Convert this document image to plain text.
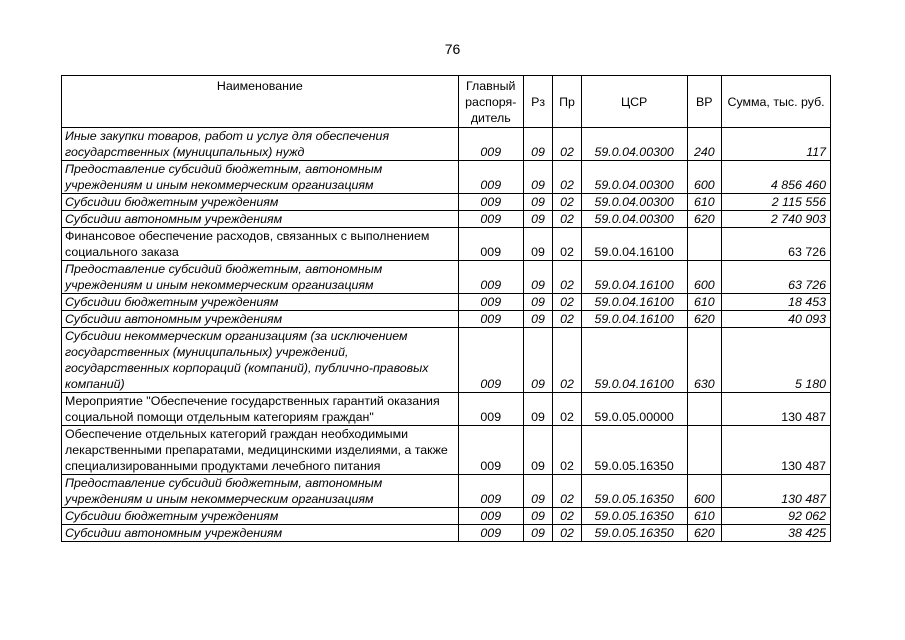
76
Наименование	Главный распоря-дитель	Рз	Пр	ЦСР	ВР	Сумма, тыс. руб.
Иные закупки товаров, работ и услуг для обеспечения государственных (муниципальных) нужд	009	09	02	59.0.04.00300	240	117
Предоставление субсидий бюджетным, автономным учреждениям и иным некоммерческим организациям	009	09	02	59.0.04.00300	600	4 856 460
Субсидии бюджетным учреждениям	009	09	02	59.0.04.00300	610	2 115 556
Субсидии автономным учреждениям	009	09	02	59.0.04.00300	620	2 740 903
Финансовое обеспечение расходов, связанных с выполнением социального заказа	009	09	02	59.0.04.16100		63 726
Предоставление субсидий бюджетным, автономным учреждениям и иным некоммерческим организациям	009	09	02	59.0.04.16100	600	63 726
Субсидии бюджетным учреждениям	009	09	02	59.0.04.16100	610	18 453
Субсидии автономным учреждениям	009	09	02	59.0.04.16100	620	40 093
Субсидии некоммерческим организациям (за исключением государственных (муниципальных) учреждений, государственных корпораций (компаний), публично-правовых компаний)	009	09	02	59.0.04.16100	630	5 180
Мероприятие "Обеспечение государственных гарантий оказания социальной помощи отдельным категориям граждан"	009	09	02	59.0.05.00000		130 487
Обеспечение отдельных категорий граждан необходимыми лекарственными препаратами, медицинскими изделиями, а также специализированными продуктами лечебного питания	009	09	02	59.0.05.16350		130 487
Предоставление субсидий бюджетным, автономным учреждениям и иным некоммерческим организациям	009	09	02	59.0.05.16350	600	130 487
Субсидии бюджетным учреждениям	009	09	02	59.0.05.16350	610	92 062
Субсидии автономным учреждениям	009	09	02	59.0.05.16350	620	38 425
